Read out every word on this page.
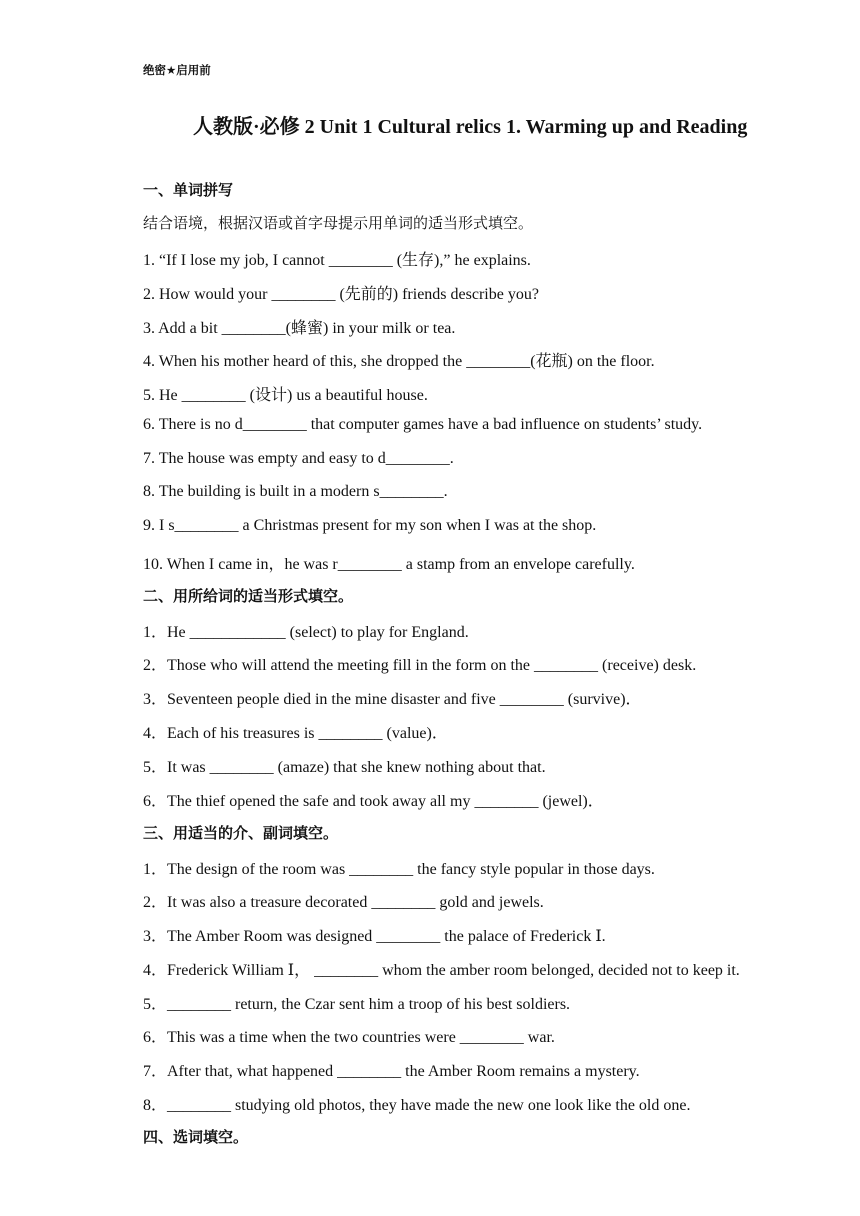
绝密★启用前
人教版·必修 2 Unit 1 Cultural relics 1. Warming up and Reading
一、单词拼写
结合语境，根据汉语或首字母提示用单词的适当形式填空。
1. “If I lose my job, I cannot ________ (生存),” he explains.
2. How would your ________ (先前的) friends describe you?
3. Add a bit ________(蜂蜜) in your milk or tea.
4. When his mother heard of this, she dropped the ________(花瓶) on the floor.
5. He ________ (设计) us a beautiful house.
6. There is no d________ that computer games have a bad influence on students’ study.
7. The house was empty and easy to d________.
8. The building is built in a modern s________.
9. I s________ a Christmas present for my son when I was at the shop.
10. When I came in，he was r________ a stamp from an envelope carefully.
二、用所给词的适当形式填空。
1．He ____________ (select) to play for England.
2．Those who will attend the meeting fill in the form on the ________ (receive) desk.
3．Seventeen people died in the mine disaster and five ________ (survive)．
4．Each of his treasures is ________ (value)．
5．It was ________ (amaze) that she knew nothing about that.
6．The thief opened the safe and took away all my ________ (jewel)．
三、用适当的介、副词填空。
1．The design of the room was ________ the fancy style popular in those days.
2．It was also a treasure decorated ________ gold and jewels.
3．The Amber Room was designed ________ the palace of Frederick Ⅰ.
4．Frederick William Ⅰ， ________ whom the amber room belonged, decided not to keep it.
5．________ return, the Czar sent him a troop of his best soldiers.
6．This was a time when the two countries were ________ war.
7．After that, what happened ________ the Amber Room remains a mystery.
8．________ studying old photos, they have made the new one look like the old one.
四、选词填空。
